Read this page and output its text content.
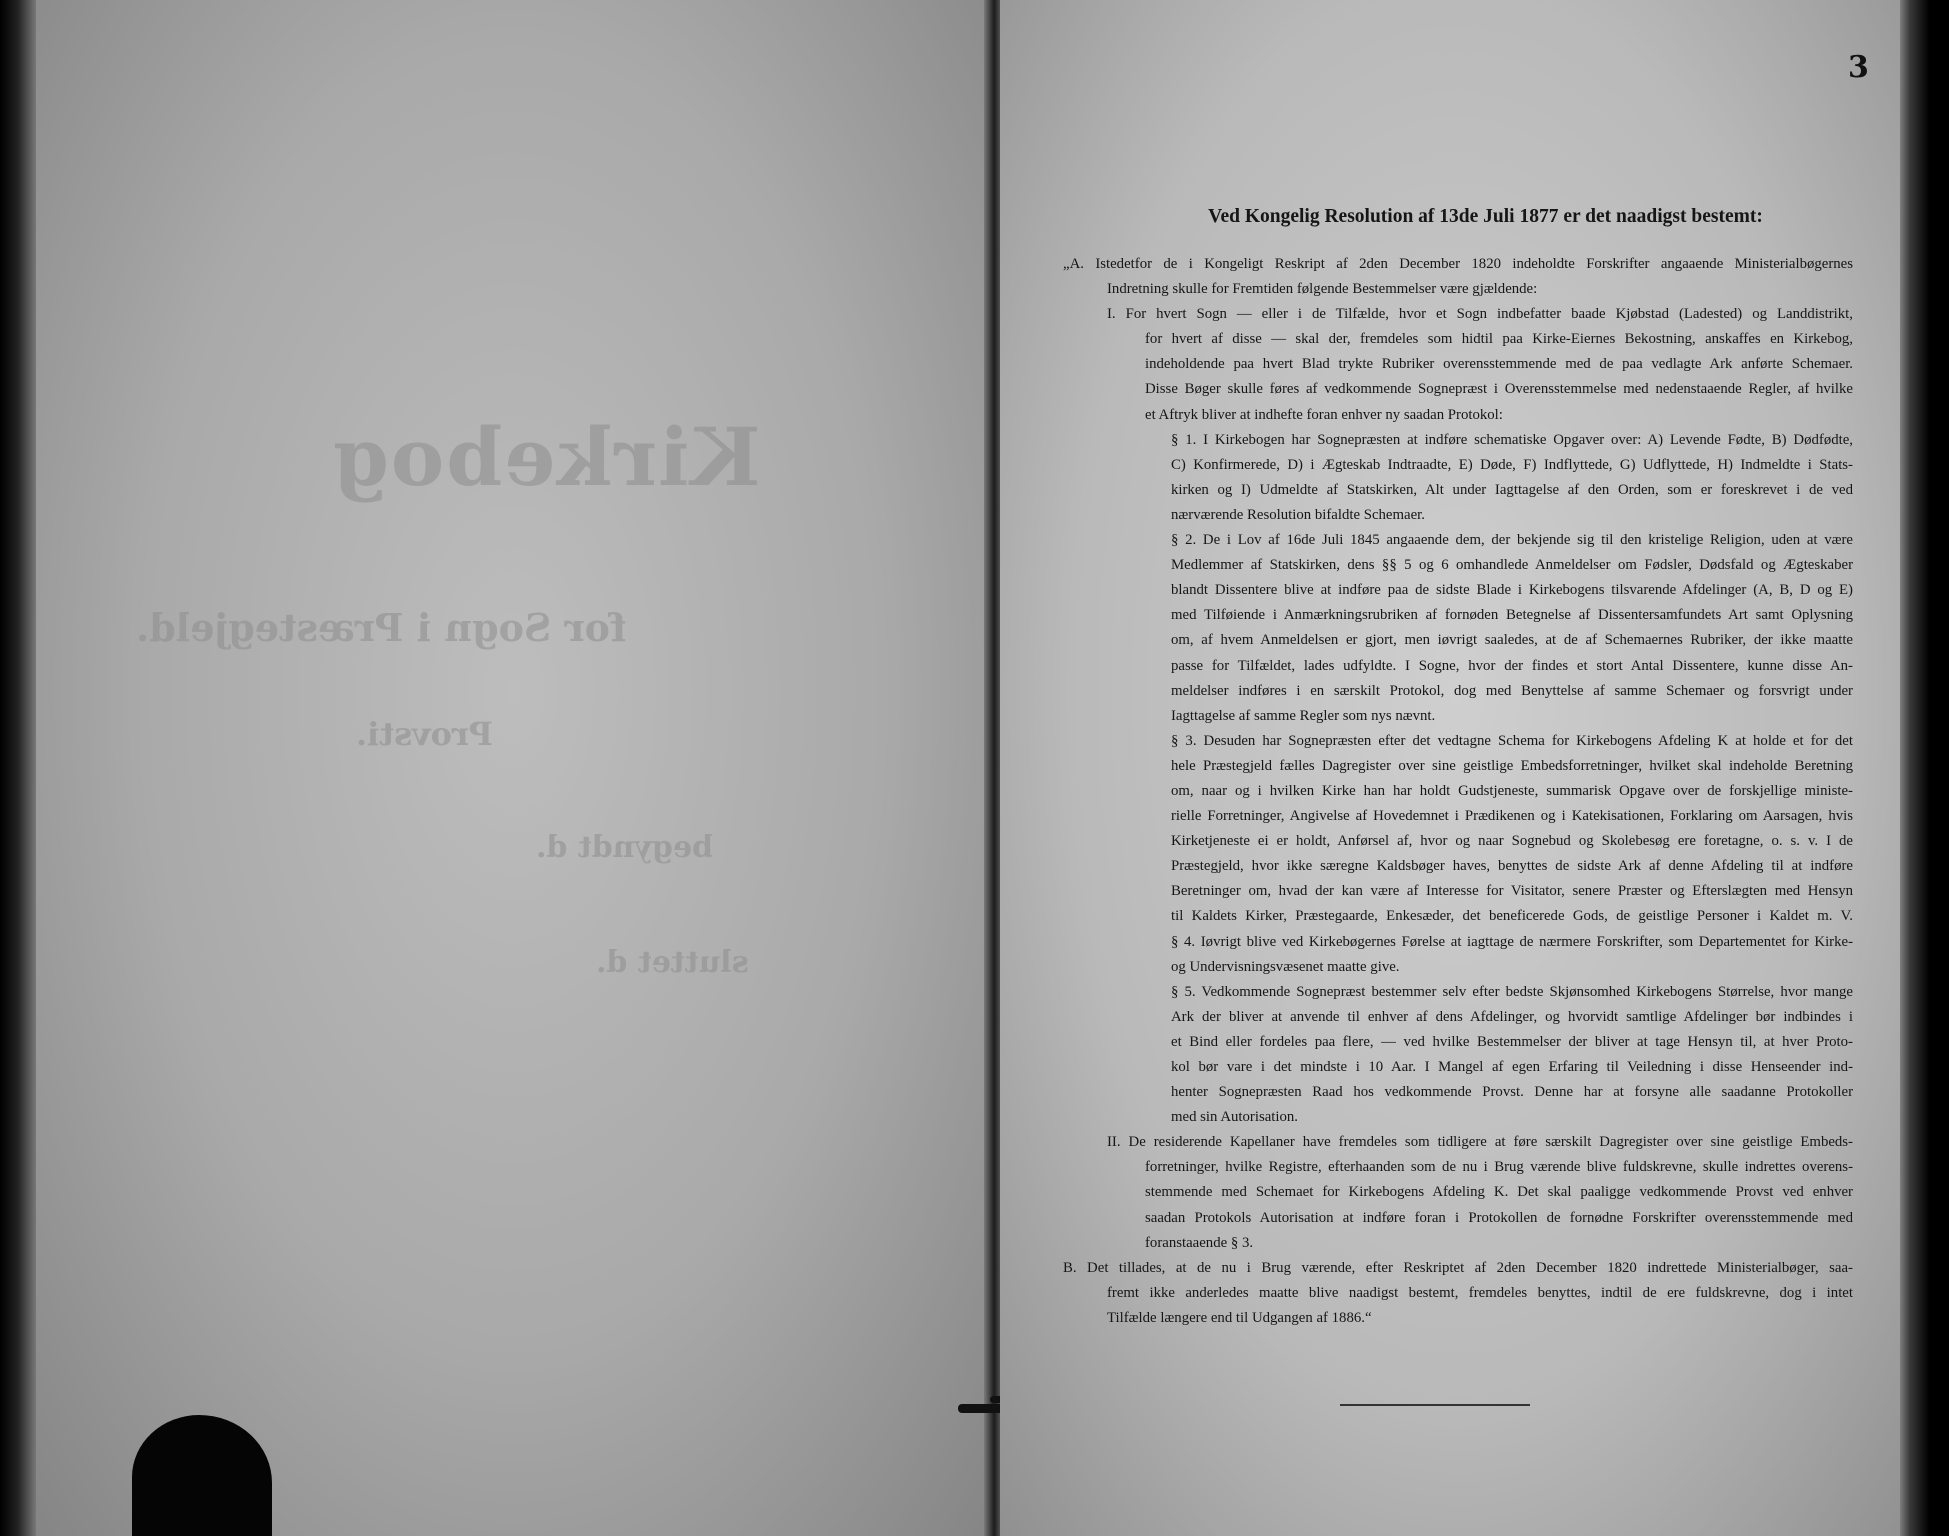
Kirkebog
for Sogn i Præstegjeld.
Provsti.
begyndt d.
sluttet d.
3
Ved Kongelig Resolution af 13de Juli 1877 er det naadigst bestemt:
„A. Istedetfor de i Kongeligt Reskript af 2den December 1820 indeholdte Forskrifter angaaende Ministerialbøgernes
Indretning skulle for Fremtiden følgende Bestemmelser være gjældende:
I. For hvert Sogn — eller i de Tilfælde, hvor et Sogn indbefatter baade Kjøbstad (Ladested) og Landdistrikt,
for hvert af disse — skal der, fremdeles som hidtil paa Kirke-Eiernes Bekostning, anskaffes en Kirkebog,
indeholdende paa hvert Blad trykte Rubriker overensstemmende med de paa vedlagte Ark anførte Schemaer.
Disse Bøger skulle føres af vedkommende Sognepræst i Overensstemmelse med nedenstaaende Regler, af hvilke
et Aftryk bliver at indhefte foran enhver ny saadan Protokol:
§ 1. I Kirkebogen har Sognepræsten at indføre schematiske Opgaver over: A) Levende Fødte, B) Dødfødte,
C) Konfirmerede, D) i Ægteskab Indtraadte, E) Døde, F) Indflyttede, G) Udflyttede, H) Indmeldte i Stats-
kirken og I) Udmeldte af Statskirken, Alt under Iagttagelse af den Orden, som er foreskrevet i de ved
nærværende Resolution bifaldte Schemaer.
§ 2. De i Lov af 16de Juli 1845 angaaende dem, der bekjende sig til den kristelige Religion, uden at være
Medlemmer af Statskirken, dens §§ 5 og 6 omhandlede Anmeldelser om Fødsler, Dødsfald og Ægteskaber
blandt Dissentere blive at indføre paa de sidste Blade i Kirkebogens tilsvarende Afdelinger (A, B, D og E)
med Tilføiende i Anmærkningsrubriken af fornøden Betegnelse af Dissentersamfundets Art samt Oplysning
om, af hvem Anmeldelsen er gjort, men iøvrigt saaledes, at de af Schemaernes Rubriker, der ikke maatte
passe for Tilfældet, lades udfyldte. I Sogne, hvor der findes et stort Antal Dissentere, kunne disse An-
meldelser indføres i en særskilt Protokol, dog med Benyttelse af samme Schemaer og forsvrigt under
Iagttagelse af samme Regler som nys nævnt.
§ 3. Desuden har Sognepræsten efter det vedtagne Schema for Kirkebogens Afdeling K at holde et for det
hele Præstegjeld fælles Dagregister over sine geistlige Embedsforretninger, hvilket skal indeholde Beretning
om, naar og i hvilken Kirke han har holdt Gudstjeneste, summarisk Opgave over de forskjellige ministe-
rielle Forretninger, Angivelse af Hovedemnet i Prædikenen og i Katekisationen, Forklaring om Aarsagen, hvis
Kirketjeneste ei er holdt, Anførsel af, hvor og naar Sognebud og Skolebesøg ere foretagne, o. s. v. I de
Præstegjeld, hvor ikke særegne Kaldsbøger haves, benyttes de sidste Ark af denne Afdeling til at indføre
Beretninger om, hvad der kan være af Interesse for Visitator, senere Præster og Efterslægten med Hensyn
til Kaldets Kirker, Præstegaarde, Enkesæder, det beneficerede Gods, de geistlige Personer i Kaldet m. V.
§ 4. Iøvrigt blive ved Kirkebøgernes Førelse at iagttage de nærmere Forskrifter, som Departementet for Kirke-
og Undervisningsvæsenet maatte give.
§ 5. Vedkommende Sognepræst bestemmer selv efter bedste Skjønsomhed Kirkebogens Størrelse, hvor mange
Ark der bliver at anvende til enhver af dens Afdelinger, og hvorvidt samtlige Afdelinger bør indbindes i
et Bind eller fordeles paa flere, — ved hvilke Bestemmelser der bliver at tage Hensyn til, at hver Proto-
kol bør vare i det mindste i 10 Aar. I Mangel af egen Erfaring til Veiledning i disse Henseender ind-
henter Sognepræsten Raad hos vedkommende Provst. Denne har at forsyne alle saadanne Protokoller
med sin Autorisation.
II. De residerende Kapellaner have fremdeles som tidligere at føre særskilt Dagregister over sine geistlige Embeds-
forretninger, hvilke Registre, efterhaanden som de nu i Brug værende blive fuldskrevne, skulle indrettes overens-
stemmende med Schemaet for Kirkebogens Afdeling K. Det skal paaligge vedkommende Provst ved enhver
saadan Protokols Autorisation at indføre foran i Protokollen de fornødne Forskrifter overensstemmende med
foranstaaende § 3.
B. Det tillades, at de nu i Brug værende, efter Reskriptet af 2den December 1820 indrettede Ministerialbøger, saa-
fremt ikke anderledes maatte blive naadigst bestemt, fremdeles benyttes, indtil de ere fuldskrevne, dog i intet
Tilfælde længere end til Udgangen af 1886.“
